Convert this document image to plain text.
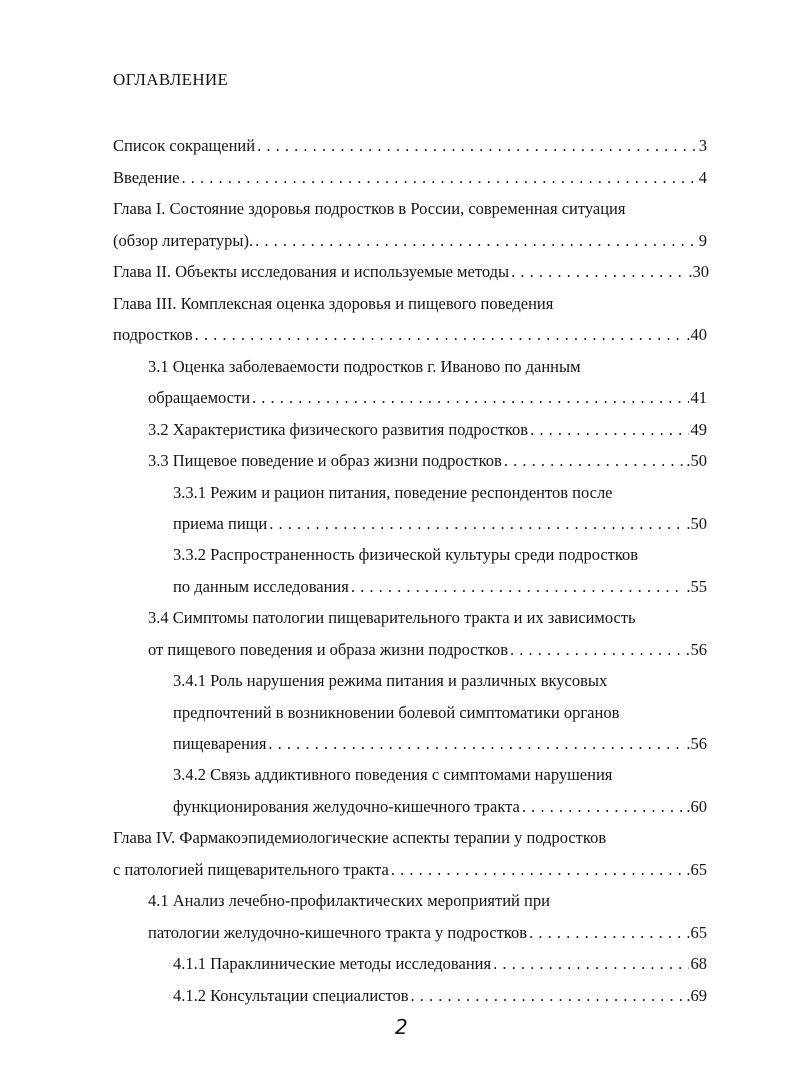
ОГЛАВЛЕНИЕ
Список сокращений . . .	3
Введение . . .	4
Глава I. Состояние здоровья подростков в России, современная ситуация
(обзор литературы). . . .	9
Глава II. Объекты исследования и используемые методы . . .	.30
Глава III. Комплексная оценка здоровья и пищевого поведения
подростков . . .	.40
3.1 Оценка заболеваемости подростков г. Иваново по данным
обращаемости . . .	41
3.2 Характеристика физического развития подростков . . .	49
3.3 Пищевое поведение и образ жизни подростков . . .	.50
3.3.1 Режим и рацион питания, поведение респондентов после
приема пищи . . .	.50
3.3.2 Распространенность физической культуры среди подростков
по данным исследования . . .	.55
3.4 Симптомы патологии пищеварительного тракта и их зависимость
от пищевого поведения и образа жизни подростков . . .	56
3.4.1 Роль нарушения режима питания и различных вкусовых
предпочтений в возникновении болевой симптоматики органов
пищеварения . . .	.56
3.4.2 Связь аддиктивного поведения с симптомами нарушения
функционирования желудочно-кишечного тракта . . .	.60
Глава IV. Фармакоэпидемиологические аспекты терапии у подростков
с патологией пищеварительного тракта . . .	.65
4.1 Анализ лечебно-профилактических мероприятий при
патологии желудочно-кишечного тракта у подростков . . .	.65
4.1.1 Параклинические методы исследования . . .	68
4.1.2 Консультации специалистов . . .	.69
2
